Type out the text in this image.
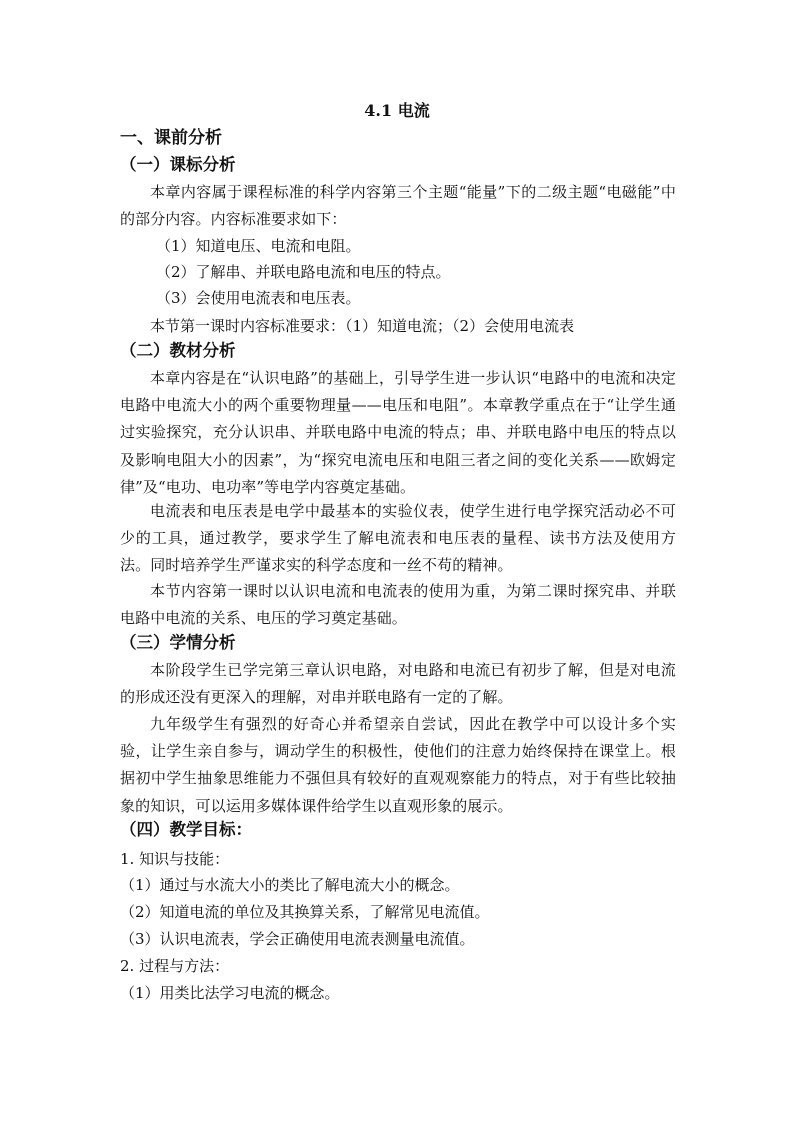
4.1 电流
一、课前分析
（一）课标分析
本章内容属于课程标准的科学内容第三个主题“能量”下的二级主题“电磁能”中的部分内容。内容标准要求如下：
（1）知道电压、电流和电阻。
（2）了解串、并联电路电流和电压的特点。
（3）会使用电流表和电压表。
本节第一课时内容标准要求：（1）知道电流；（2）会使用电流表
（二）教材分析
本章内容是在“认识电路”的基础上，引导学生进一步认识“电路中的电流和决定电路中电流大小的两个重要物理量——电压和电阻”。本章教学重点在于“让学生通过实验探究，充分认识串、并联电路中电流的特点；串、并联电路中电压的特点以及影响电阻大小的因素”，为“探究电流电压和电阻三者之间的变化关系——欧姆定律”及“电功、电功率”等电学内容奠定基础。
电流表和电压表是电学中最基本的实验仪表，使学生进行电学探究活动必不可少的工具，通过教学，要求学生了解电流表和电压表的量程、读书方法及使用方法。同时培养学生严谨求实的科学态度和一丝不苟的精神。
本节内容第一课时以认识电流和电流表的使用为重，为第二课时探究串、并联电路中电流的关系、电压的学习奠定基础。
（三）学情分析
本阶段学生已学完第三章认识电路，对电路和电流已有初步了解，但是对电流的形成还没有更深入的理解，对串并联电路有一定的了解。
九年级学生有强烈的好奇心并希望亲自尝试，因此在教学中可以设计多个实验，让学生亲自参与，调动学生的积极性，使他们的注意力始终保持在课堂上。根据初中学生抽象思维能力不强但具有较好的直观观察能力的特点，对于有些比较抽象的知识，可以运用多媒体课件给学生以直观形象的展示。
（四）教学目标：
1. 知识与技能：
（1）通过与水流大小的类比了解电流大小的概念。
（2）知道电流的单位及其换算关系，了解常见电流值。
（3）认识电流表，学会正确使用电流表测量电流值。
2. 过程与方法：
（1）用类比法学习电流的概念。
